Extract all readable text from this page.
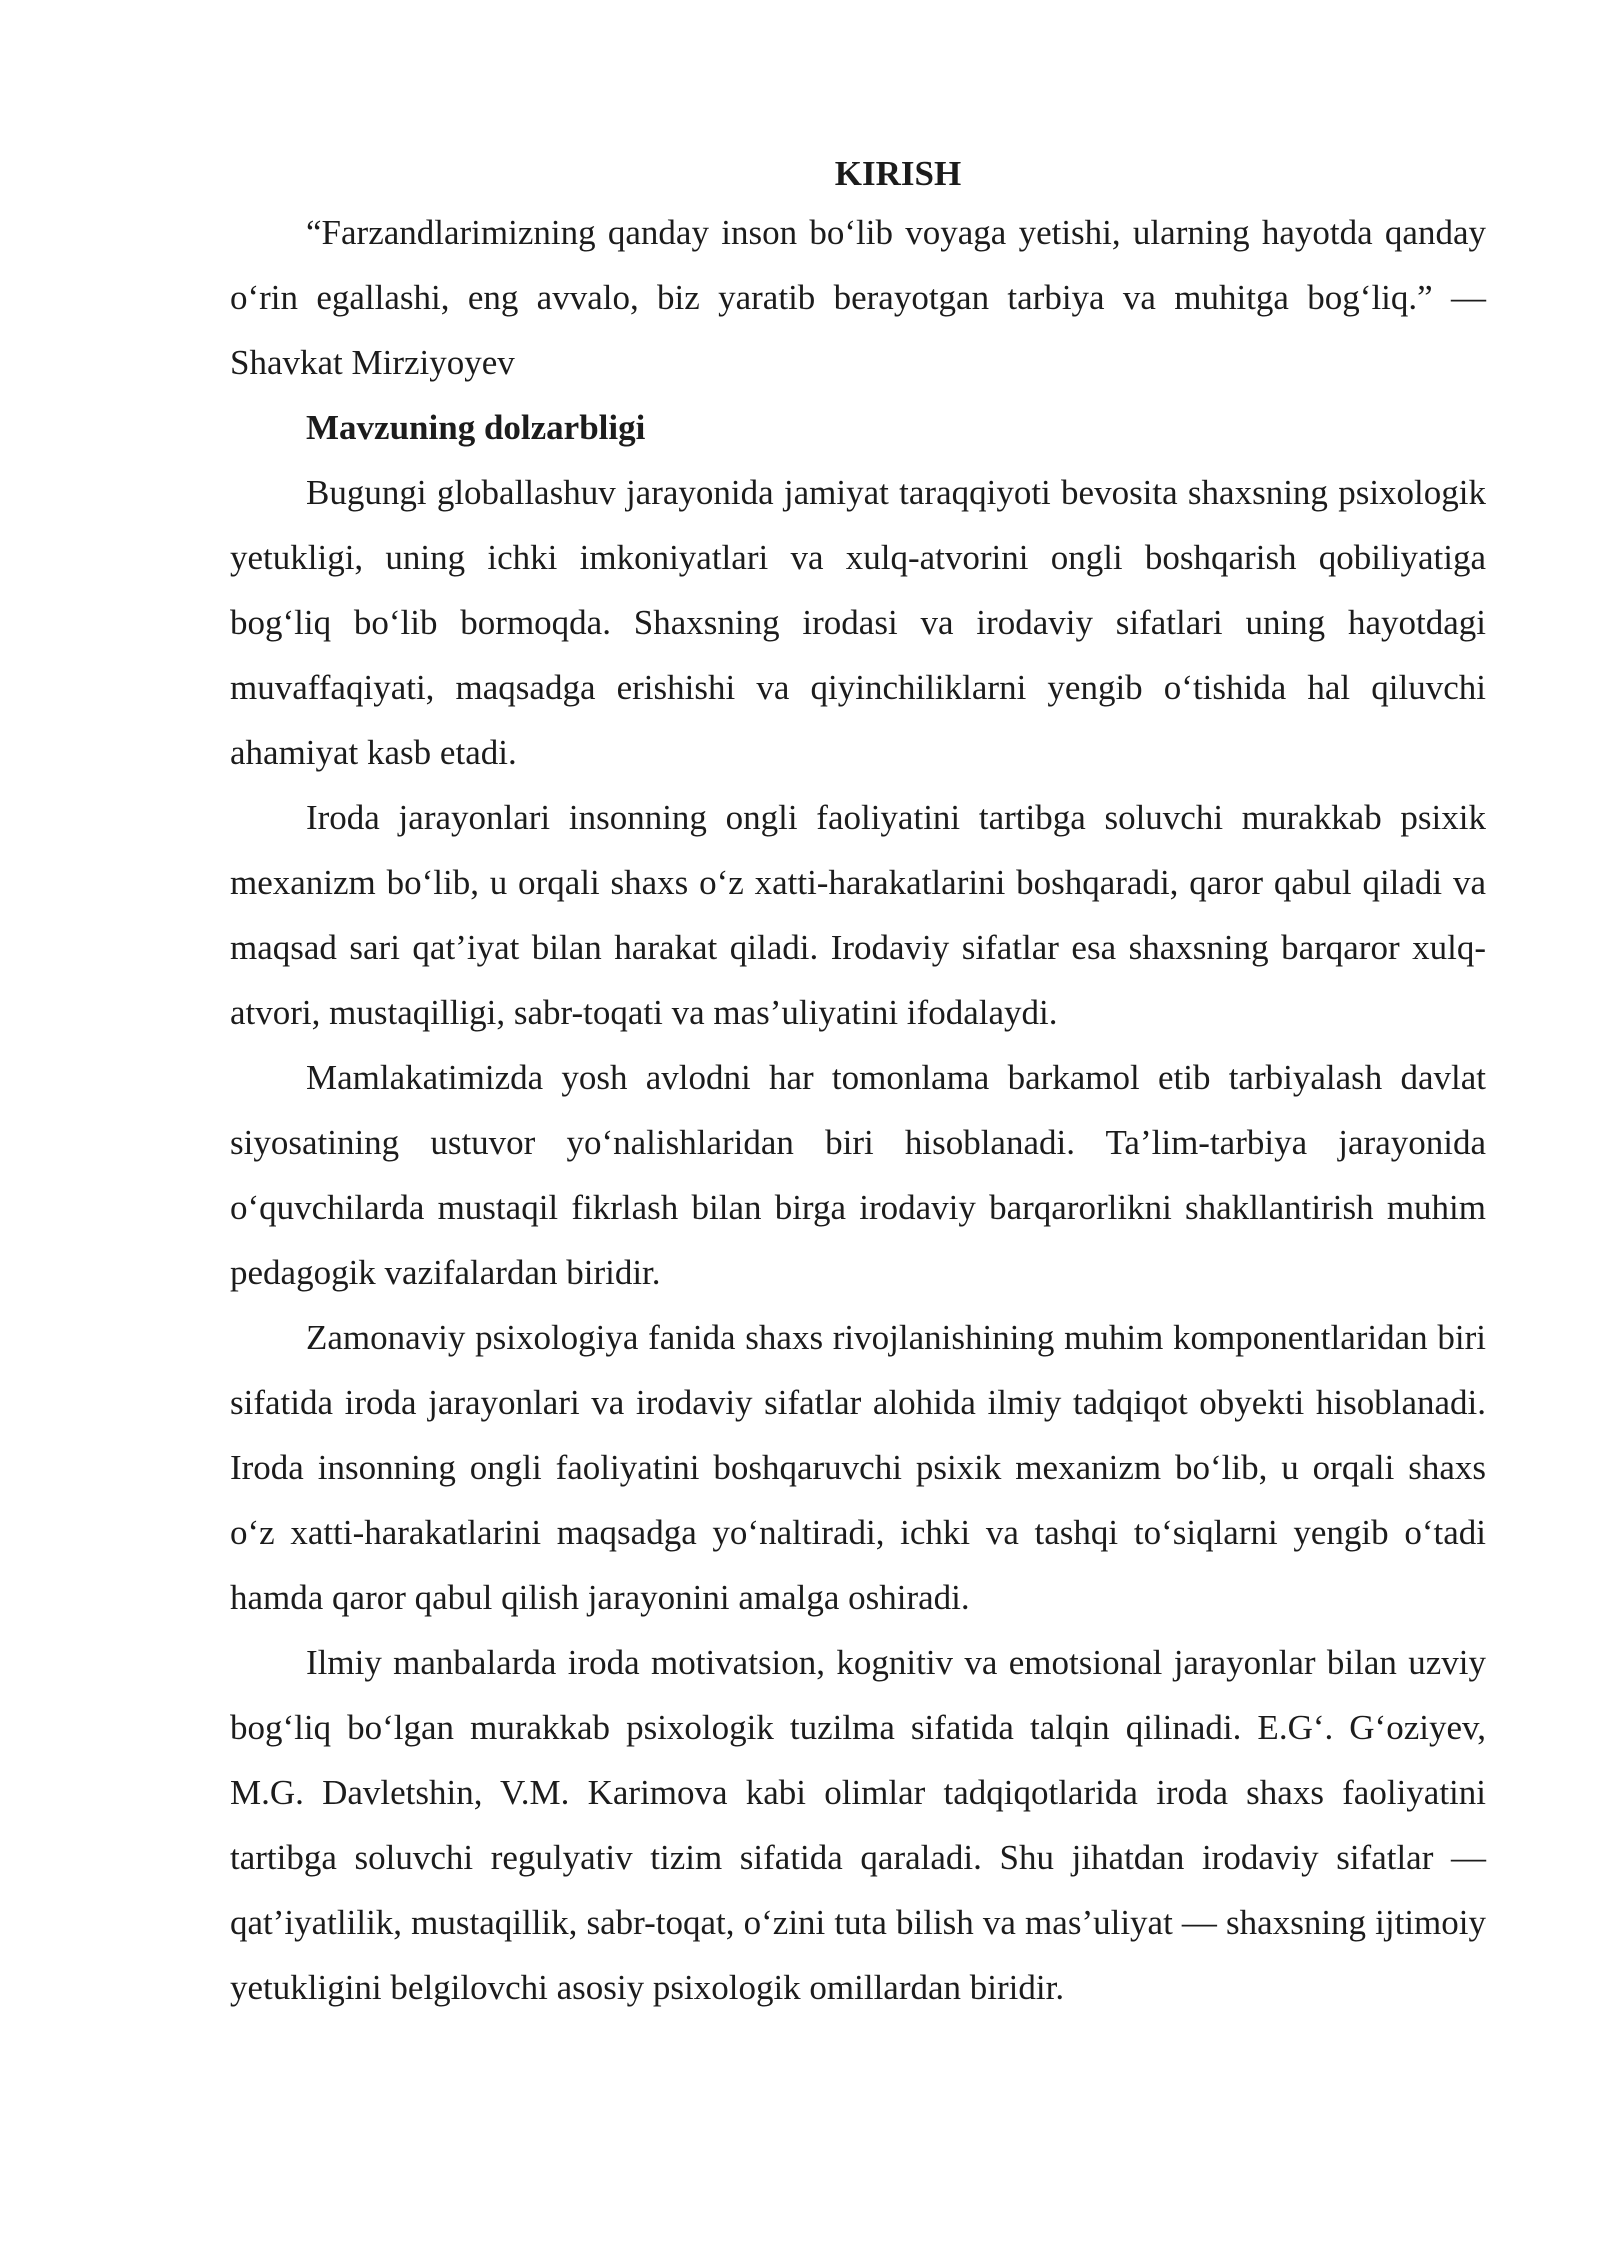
KIRISH

“Farzandlarimizning qanday inson bo‘lib voyaga yetishi, ularning hayotda qanday o‘rin egallashi, eng avvalo, biz yaratib berayotgan tarbiya va muhitga bog‘liq.” — Shavkat Mirziyoyev

Mavzuning dolzarbligi

Bugungi globallashuv jarayonida jamiyat taraqqiyoti bevosita shaxsning psixologik yetukligi, uning ichki imkoniyatlari va xulq-atvorini ongli boshqarish qobiliyatiga bog‘liq bo‘lib bormoqda. Shaxsning irodasi va irodaviy sifatlari uning hayotdagi muvaffaqiyati, maqsadga erishishi va qiyinchiliklarni yengib o‘tishida hal qiluvchi ahamiyat kasb etadi.

Iroda jarayonlari insonning ongli faoliyatini tartibga soluvchi murakkab psixik mexanizm bo‘lib, u orqali shaxs o‘z xatti-harakatlarini boshqaradi, qaror qabul qiladi va maqsad sari qat’iyat bilan harakat qiladi. Irodaviy sifatlar esa shaxsning barqaror xulq-atvori, mustaqilligi, sabr-toqati va mas’uliyatini ifodalaydi.

Mamlakatimizda yosh avlodni har tomonlama barkamol etib tarbiyalash davlat siyosatining ustuvor yo‘nalishlaridan biri hisoblanadi. Ta’lim-tarbiya jarayonida o‘quvchilarda mustaqil fikrlash bilan birga irodaviy barqarorlikni shakllantirish muhim pedagogik vazifalardan biridir.

Zamonaviy psixologiya fanida shaxs rivojlanishining muhim komponentlaridan biri sifatida iroda jarayonlari va irodaviy sifatlar alohida ilmiy tadqiqot obyekti hisoblanadi. Iroda insonning ongli faoliyatini boshqaruvchi psixik mexanizm bo‘lib, u orqali shaxs o‘z xatti-harakatlarini maqsadga yo‘naltiradi, ichki va tashqi to‘siqlarni yengib o‘tadi hamda qaror qabul qilish jarayonini amalga oshiradi.

Ilmiy manbalarda iroda motivatsion, kognitiv va emotsional jarayonlar bilan uzviy bog‘liq bo‘lgan murakkab psixologik tuzilma sifatida talqin qilinadi. E.G‘. G‘oziyev, M.G. Davletshin, V.M. Karimova kabi olimlar tadqiqotlarida iroda shaxs faoliyatini tartibga soluvchi regulyativ tizim sifatida qaraladi. Shu jihatdan irodaviy sifatlar — qat’iyatlilik, mustaqillik, sabr-toqat, o‘zini tuta bilish va mas’uliyat — shaxsning ijtimoiy yetukligini belgilovchi asosiy psixologik omillardan biridir.
